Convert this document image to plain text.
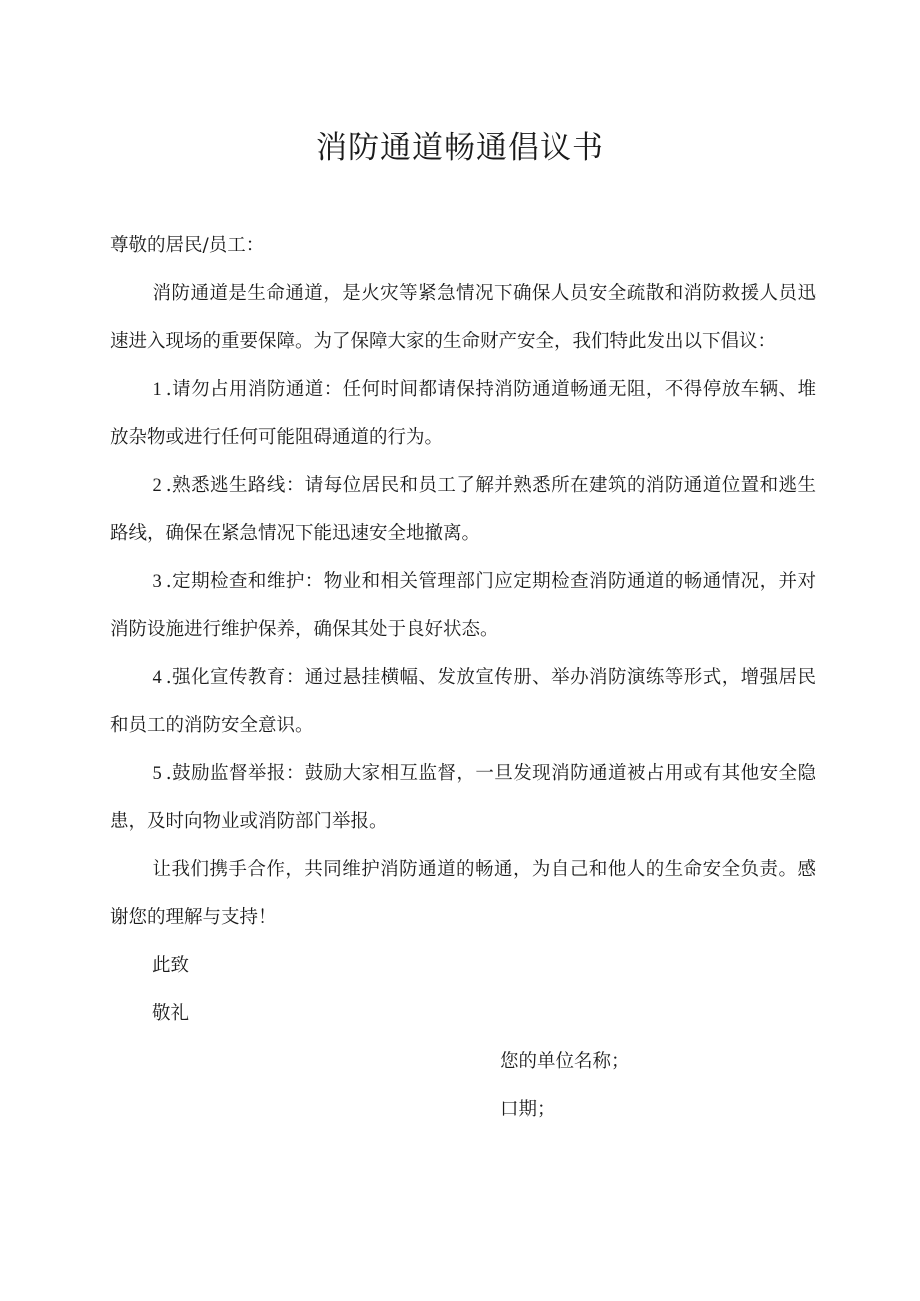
消防通道畅通倡议书

尊敬的居民/员工：

消防通道是生命通道，是火灾等紧急情况下确保人员安全疏散和消防救援人员迅速进入现场的重要保障。为了保障大家的生命财产安全，我们特此发出以下倡议：

1 .请勿占用消防通道：任何时间都请保持消防通道畅通无阻，不得停放车辆、堆放杂物或进行任何可能阻碍通道的行为。

2 .熟悉逃生路线：请每位居民和员工了解并熟悉所在建筑的消防通道位置和逃生路线，确保在紧急情况下能迅速安全地撤离。

3 .定期检查和维护：物业和相关管理部门应定期检查消防通道的畅通情况，并对消防设施进行维护保养，确保其处于良好状态。

4 .强化宣传教育：通过悬挂横幅、发放宣传册、举办消防演练等形式，增强居民和员工的消防安全意识。

5 .鼓励监督举报：鼓励大家相互监督，一旦发现消防通道被占用或有其他安全隐患，及时向物业或消防部门举报。

让我们携手合作，共同维护消防通道的畅通，为自己和他人的生命安全负责。感谢您的理解与支持！

此致

敬礼

您的单位名称；

口期；
